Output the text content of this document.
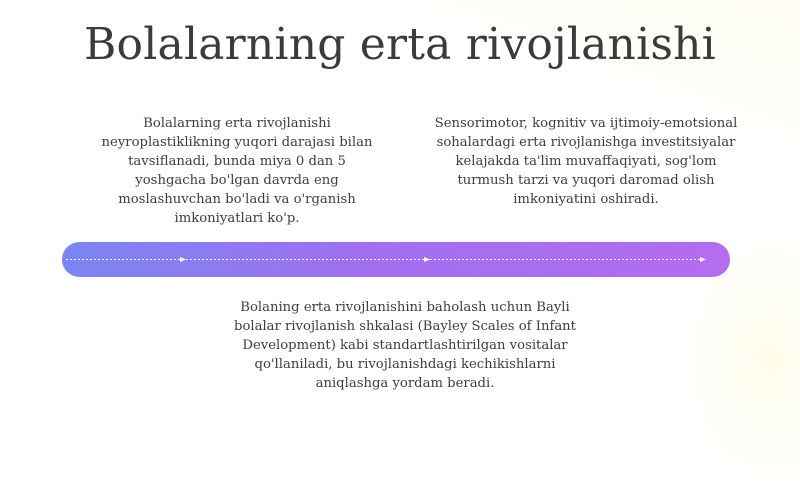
Bolalarning erta rivojlanishi

Bolalarning erta rivojlanishi neyroplastiklikning yuqori darajasi bilan tavsiflanadi, bunda miya 0 dan 5 yoshgacha bo'lgan davrda eng moslashuvchan bo'ladi va o'rganish imkoniyatlari ko'p.

Sensorimotor, kognitiv va ijtimoiy-emotsional sohalardagi erta rivojlanishga investitsiyalar kelajakda ta'lim muvaffaqiyati, sog'lom turmush tarzi va yuqori daromad olish imkoniyatini oshiradi.

Bolaning erta rivojlanishini baholash uchun Bayli bolalar rivojlanish shkalasi (Bayley Scales of Infant Development) kabi standartlashtirilgan vositalar qo'llaniladi, bu rivojlanishdagi kechikishlarni aniqlashga yordam beradi.
